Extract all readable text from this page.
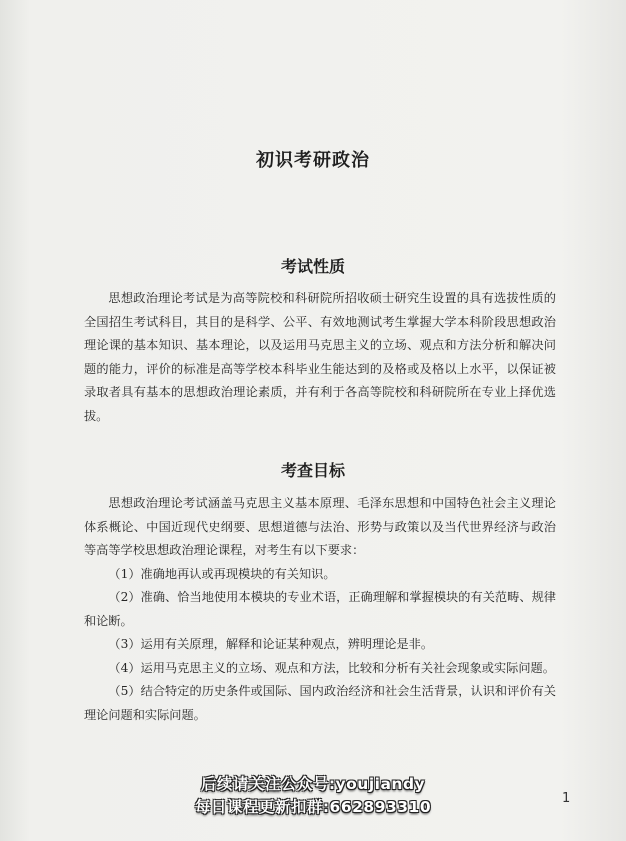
初识考研政治
考试性质

思想政治理论考试是为高等院校和科研院所招收硕士研究生设置的具有选拔性质的全国招生考试科目，其目的是科学、公平、有效地测试考生掌握大学本科阶段思想政治理论课的基本知识、基本理论，以及运用马克思主义的立场、观点和方法分析和解决问题的能力，评价的标准是高等学校本科毕业生能达到的及格或及格以上水平，以保证被录取者具有基本的思想政治理论素质，并有利于各高等院校和科研院所在专业上择优选拔。

考查目标

思想政治理论考试涵盖马克思主义基本原理、毛泽东思想和中国特色社会主义理论体系概论、中国近现代史纲要、思想道德与法治、形势与政策以及当代世界经济与政治等高等学校思想政治理论课程，对考生有以下要求：

（1）准确地再认或再现模块的有关知识。

（2）准确、恰当地使用本模块的专业术语，正确理解和掌握模块的有关范畴、规律和论断。

（3）运用有关原理，解释和论证某种观点，辨明理论是非。

（4）运用马克思主义的立场、观点和方法，比较和分析有关社会现象或实际问题。

（5）结合特定的历史条件或国际、国内政治经济和社会生活背景，认识和评价有关理论问题和实际问题。

后续请关注公众号:youjiandy
每日课程更新扣群:662893310	1
